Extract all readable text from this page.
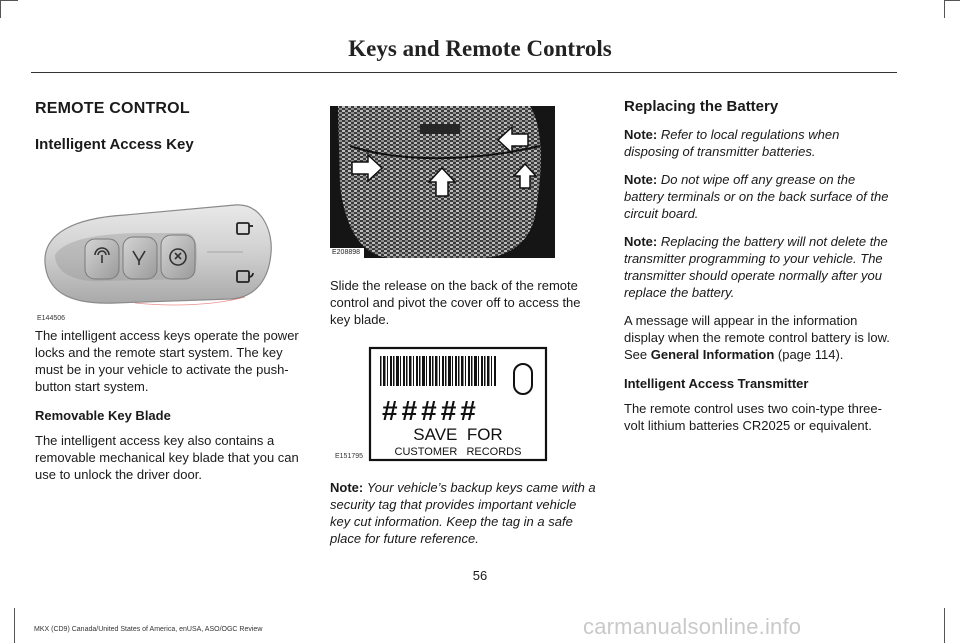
Keys and Remote Controls
REMOTE CONTROL
Intelligent Access Key
E144506

The intelligent access keys operate the power locks and the remote start system. The key must be in your vehicle to activate the push-button start system.

Removable Key Blade

The intelligent access key also contains a removable mechanical key blade that you can use to unlock the driver door.

E208898

Slide the release on the back of the remote control and pivot the cover off to access the key blade.

#####
SAVE  FOR
CUSTOMER   RECORDS
E151795

Note: Your vehicle’s backup keys came with a security tag that provides important vehicle key cut information. Keep the tag in a safe place for future reference.

Replacing the Battery

Note: Refer to local regulations when disposing of transmitter batteries.

Note: Do not wipe off any grease on the battery terminals or on the back surface of the circuit board.

Note: Replacing the battery will not delete the transmitter programming to your vehicle. The transmitter should operate normally after you replace the battery.

A message will appear in the information display when the remote control battery is low. See General Information (page 114).

Intelligent Access Transmitter

The remote control uses two coin-type three-volt lithium batteries CR2025 or equivalent.

56
MKX (CD9) Canada/United States of America, enUSA, ASO/OGC Review	carmanualsonline.info
